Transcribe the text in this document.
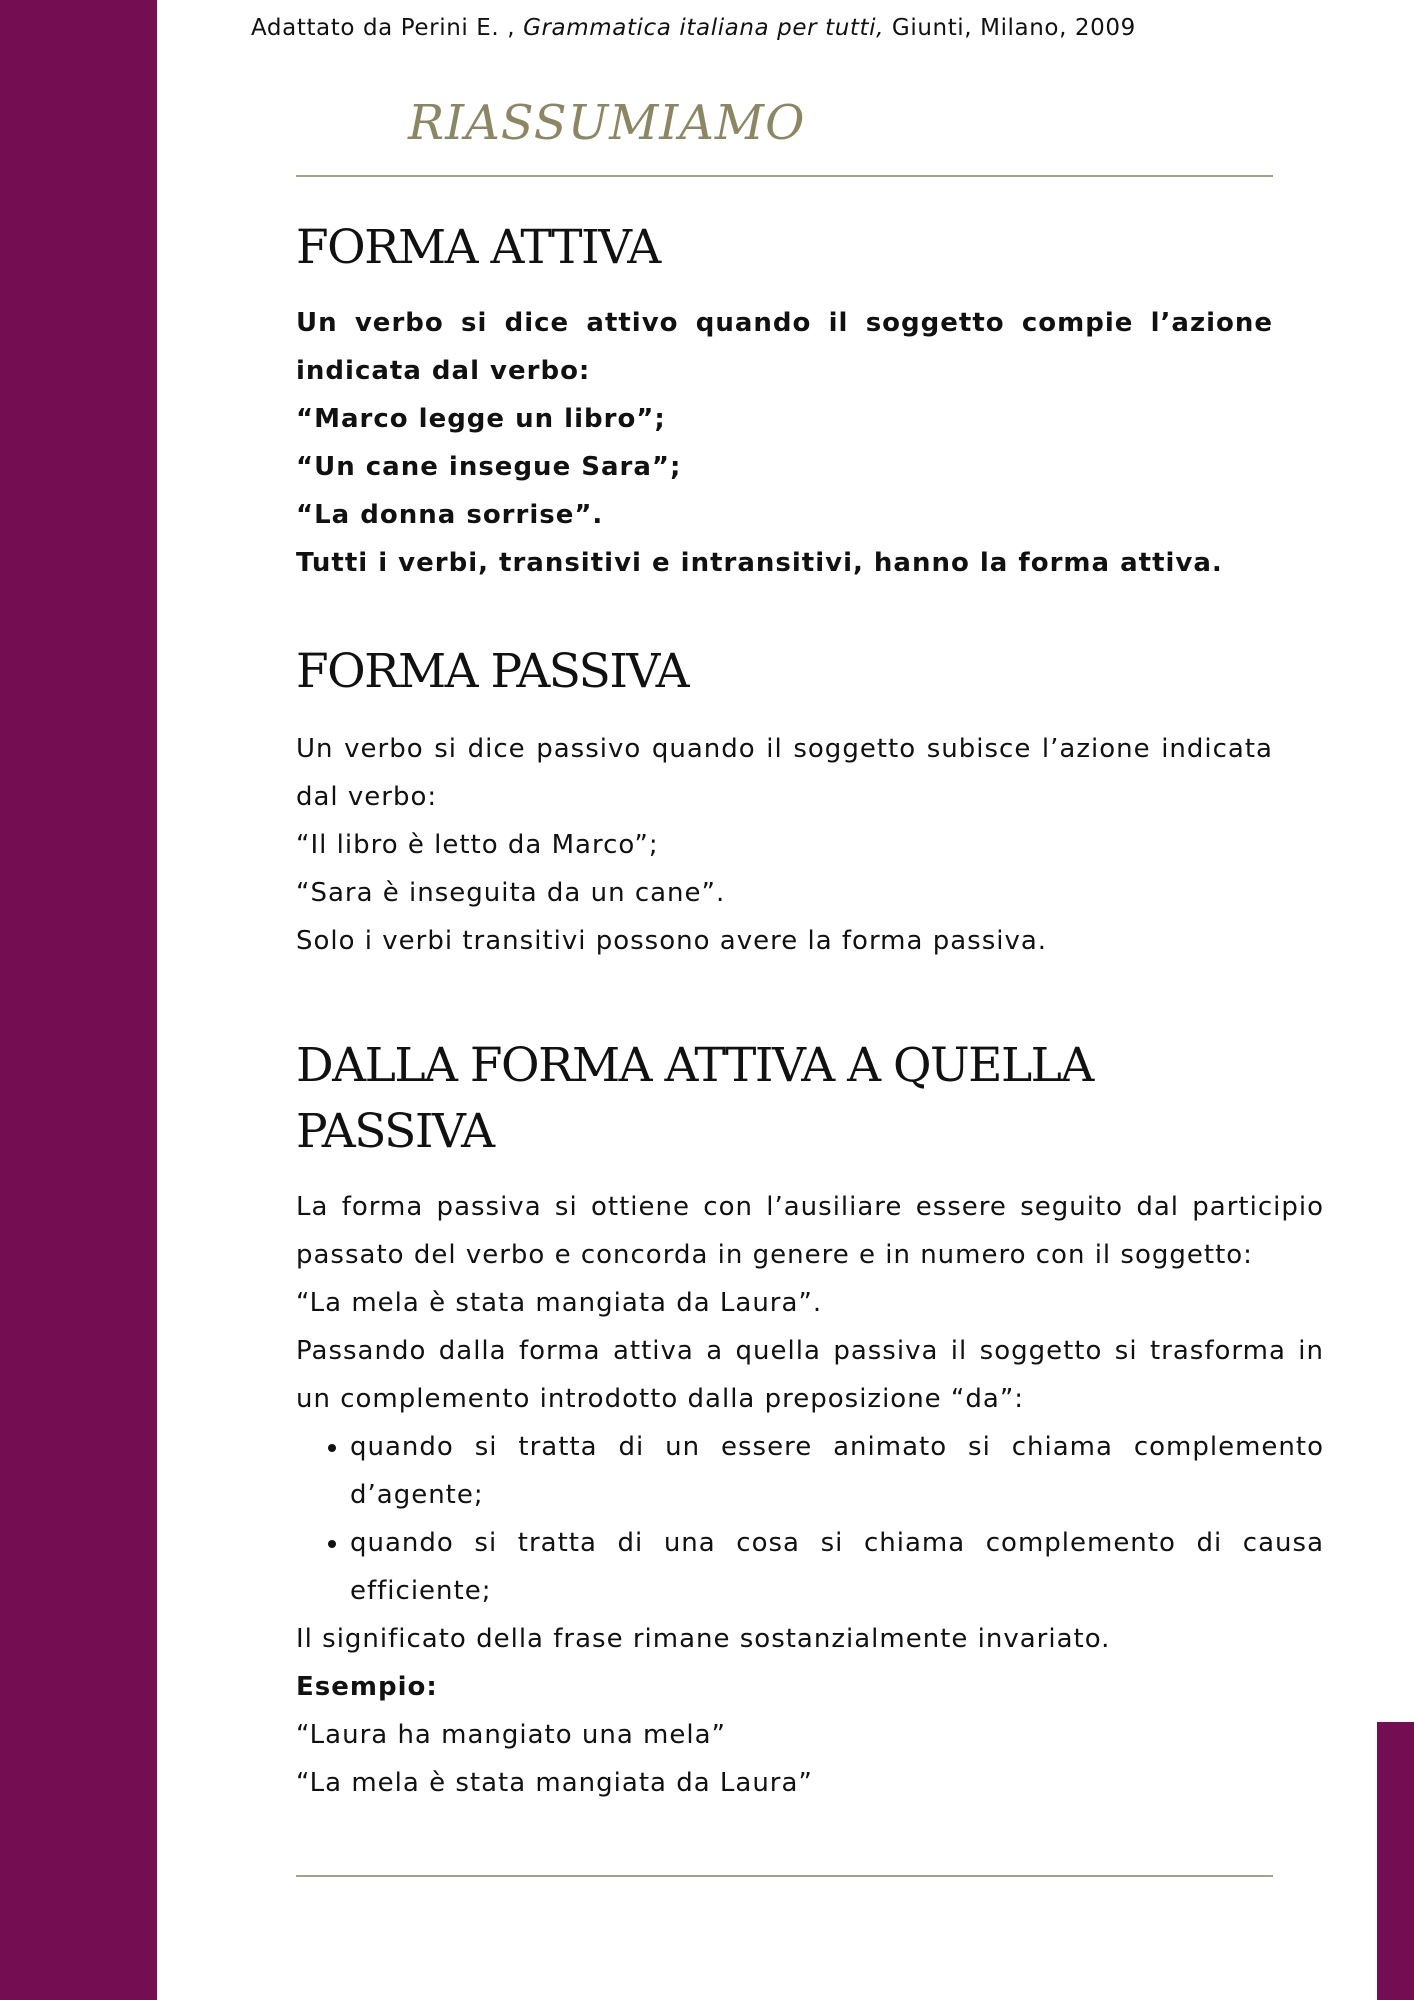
Adattato da Perini E. , Grammatica italiana per tutti, Giunti, Milano, 2009
RIASSUMIAMO
FORMA ATTIVA

Un verbo si dice attivo quando il soggetto compie l’azione indicata dal verbo:

“Marco legge un libro”;

“Un cane insegue Sara”;

“La donna sorrise”.

Tutti i verbi, transitivi e intransitivi, hanno la forma attiva.

FORMA PASSIVA

Un verbo si dice passivo quando il soggetto subisce l’azione indicata dal verbo:

“Il libro è letto da Marco”;

“Sara è inseguita da un cane”.

Solo i verbi transitivi possono avere la forma passiva.

DALLA FORMA ATTIVA A QUELLA
PASSIVA

La forma passiva si ottiene con l’ausiliare essere seguito dal participio passato del verbo e concorda in genere e in numero con il soggetto:

“La mela è stata mangiata da Laura”.

Passando dalla forma attiva a quella passiva il soggetto si trasforma in un complemento introdotto dalla preposizione “da”:

• quando si tratta di un essere animato si chiama complemento d’agente;
• quando si tratta di una cosa si chiama complemento di causa efficiente;

Il significato della frase rimane sostanzialmente invariato.

Esempio:

“Laura ha mangiato una mela”

“La mela è stata mangiata da Laura”
